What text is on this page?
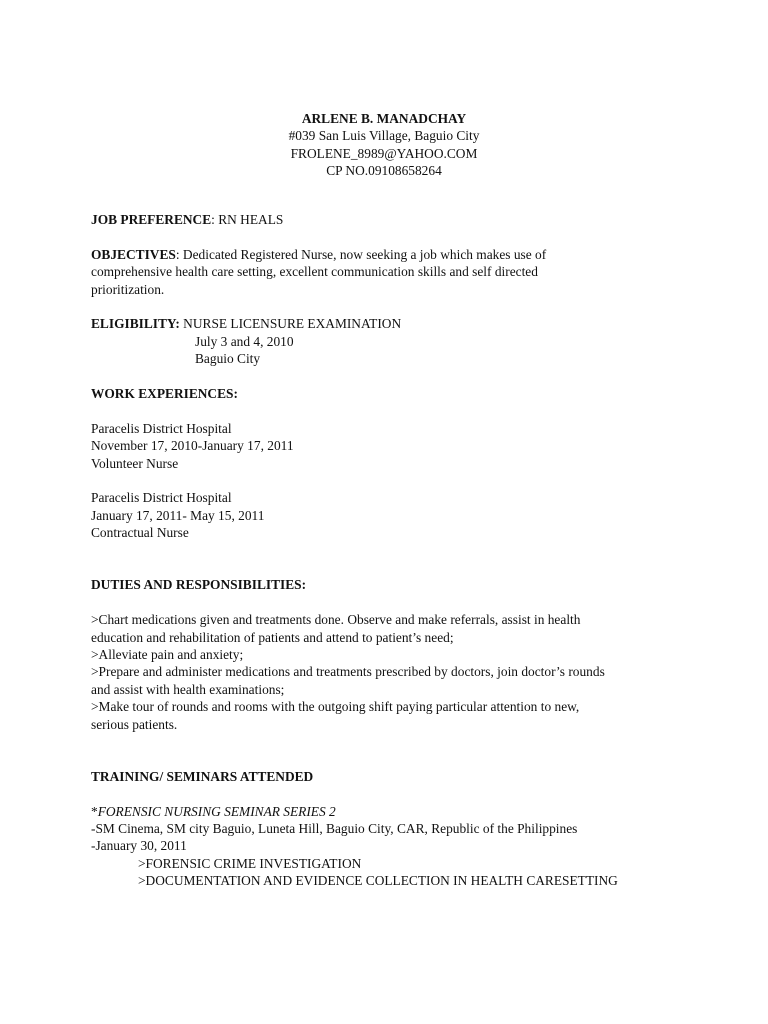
ARLENE B. MANADCHAY
#039 San Luis Village, Baguio City
FROLENE_8989@YAHOO.COM
CP NO.09108658264
JOB PREFERENCE: RN HEALS
OBJECTIVES: Dedicated Registered Nurse, now seeking a job which makes use of
comprehensive health care setting, excellent communication skills and self directed
prioritization.
ELIGIBILITY: NURSE LICENSURE EXAMINATION
July 3 and 4, 2010
Baguio City
WORK EXPERIENCES:
Paracelis District Hospital
November 17, 2010-January 17, 2011
Volunteer Nurse
Paracelis District Hospital
January 17, 2011- May 15, 2011
Contractual Nurse
DUTIES AND RESPONSIBILITIES:
>Chart medications given and treatments done. Observe and make referrals, assist in health
education and rehabilitation of patients and attend to patient’s need;
>Alleviate pain and anxiety;
>Prepare and administer medications and treatments prescribed by doctors, join doctor’s rounds
and assist with health examinations;
>Make tour of rounds and rooms with the outgoing shift paying particular attention to new,
serious patients.
TRAINING/ SEMINARS ATTENDED
*FORENSIC NURSING SEMINAR SERIES 2
-SM Cinema, SM city Baguio, Luneta Hill, Baguio City, CAR, Republic of the Philippines
-January 30, 2011
>FORENSIC CRIME INVESTIGATION
>DOCUMENTATION AND EVIDENCE COLLECTION IN HEALTH CARESETTING
